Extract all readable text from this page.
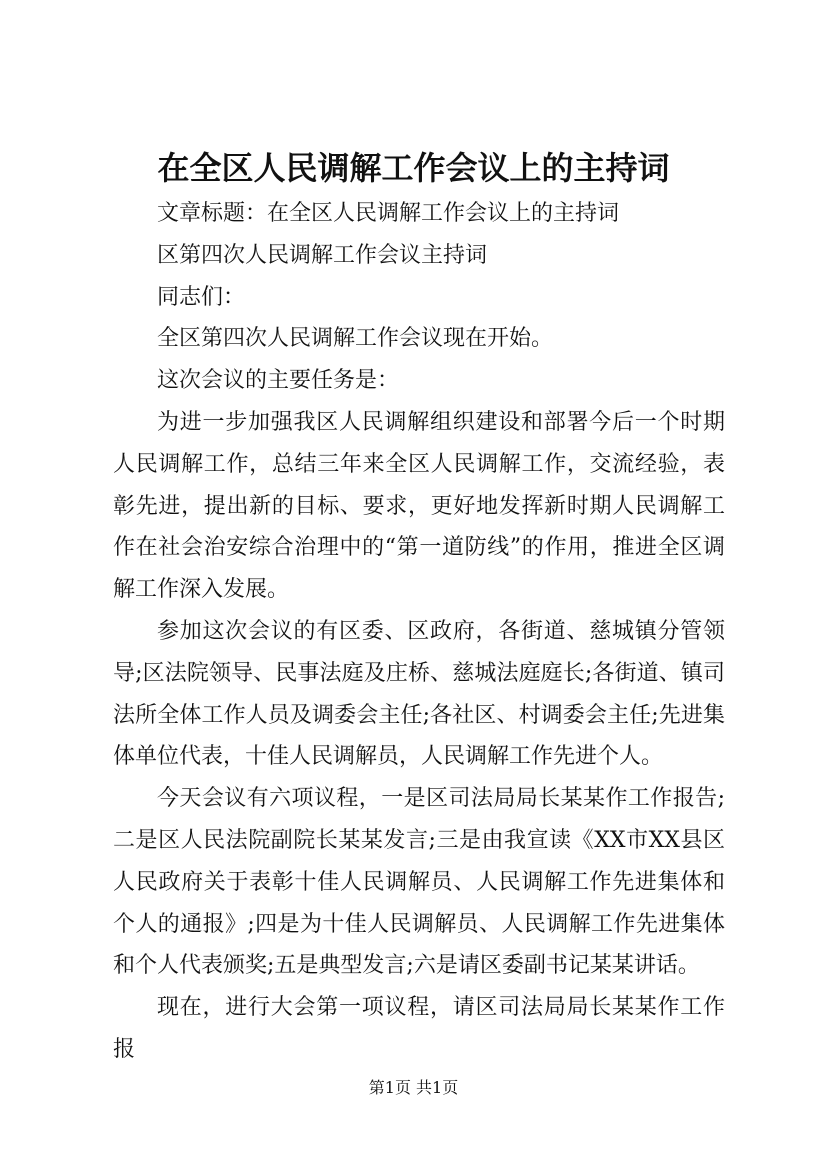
在全区人民调解工作会议上的主持词

文章标题：在全区人民调解工作会议上的主持词

区第四次人民调解工作会议主持词

同志们：

全区第四次人民调解工作会议现在开始。

这次会议的主要任务是：

为进一步加强我区人民调解组织建设和部署今后一个时期人民调解工作，总结三年来全区人民调解工作，交流经验，表彰先进，提出新的目标、要求，更好地发挥新时期人民调解工作在社会治安综合治理中的“第一道防线”的作用，推进全区调解工作深入发展。

参加这次会议的有区委、区政府，各街道、慈城镇分管领导;区法院领导、民事法庭及庄桥、慈城法庭庭长;各街道、镇司法所全体工作人员及调委会主任;各社区、村调委会主任;先进集体单位代表，十佳人民调解员，人民调解工作先进个人。

今天会议有六项议程，一是区司法局局长某某作工作报告;二是区人民法院副院长某某发言;三是由我宣读《XX市XX县区人民政府关于表彰十佳人民调解员、人民调解工作先进集体和个人的通报》;四是为十佳人民调解员、人民调解工作先进集体和个人代表颁奖;五是典型发言;六是请区委副书记某某讲话。

现在，进行大会第一项议程，请区司法局局长某某作工作报

第1页 共1页
